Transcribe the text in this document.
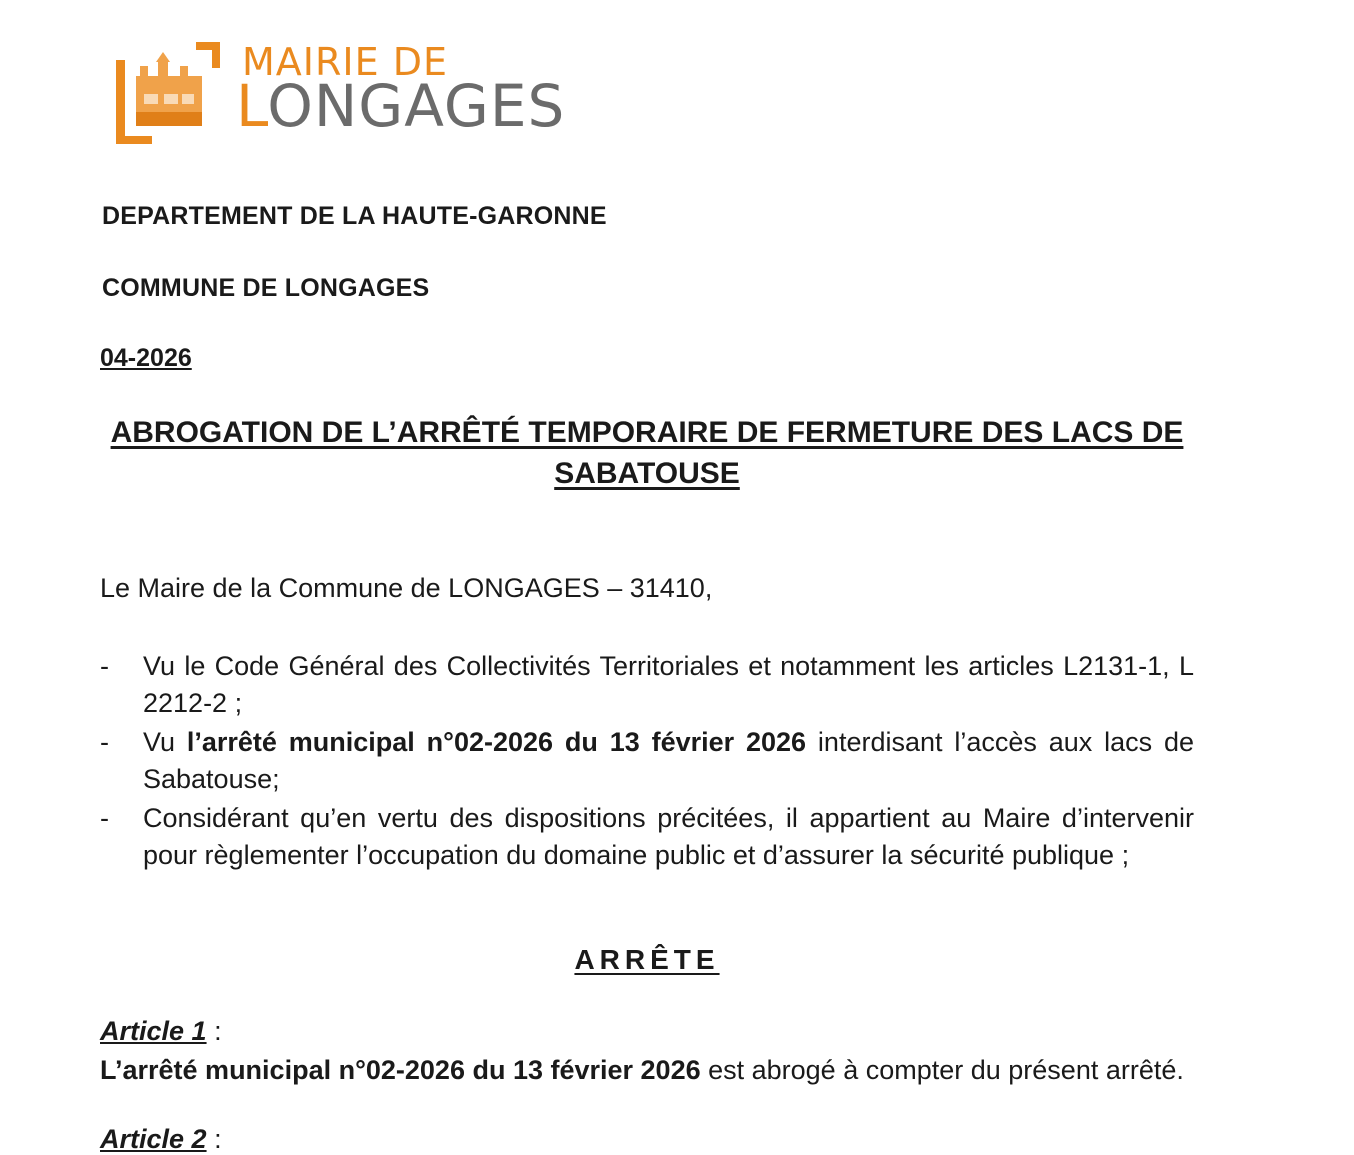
MAIRIE DE
LONGAGES
DEPARTEMENT DE LA HAUTE-GARONNE
COMMUNE DE LONGAGES
04-2026
ABROGATION DE L’ARRÊTÉ TEMPORAIRE DE FERMETURE DES LACS DE
SABATOUSE
Le Maire de la Commune de LONGAGES – 31410,
- Vu le Code Général des Collectivités Territoriales et notamment les articles L2131-1, L 2212-2 ;
- Vu l’arrêté municipal n°02-2026 du 13 février 2026 interdisant l’accès aux lacs de Sabatouse;
- Considérant qu’en vertu des dispositions précitées, il appartient au Maire d’intervenir pour règlementer l’occupation du domaine public et d’assurer la sécurité publique ;
ARRÊTE
Article 1 :
L’arrêté municipal n°02-2026 du 13 février 2026 est abrogé à compter du présent arrêté.
Article 2 :
